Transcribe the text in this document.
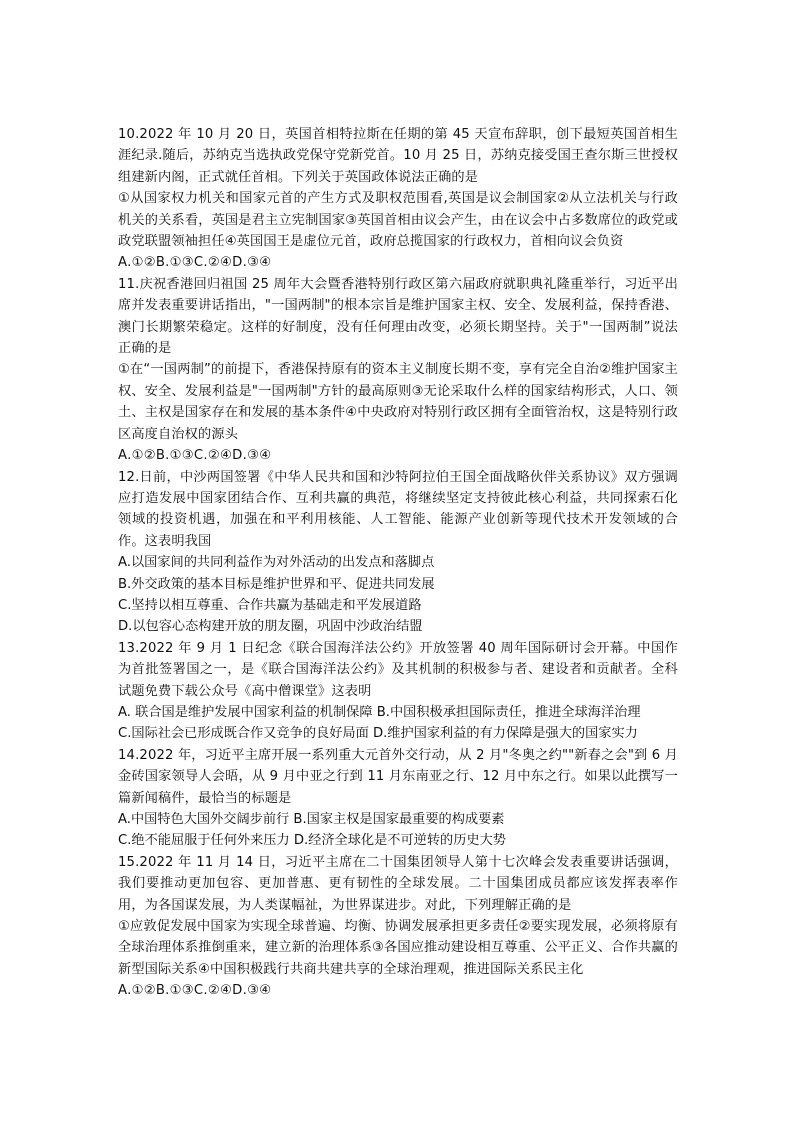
10.2022 年 10 月 20 日，英国首相特拉斯在任期的第 45 天宣布辞职，创下最短英国首相生涯纪录.随后，苏纳克当选执政党保守党新党首。10 月 25 日，苏纳克接受国王查尔斯三世授权组建新内阁，正式就任首相。下列关于英国政体说法正确的是

①从国家权力机关和国家元首的产生方式及职权范围看,英国是议会制国家②从立法机关与行政机关的关系看，英国是君主立宪制国家③英国首相由议会产生，由在议会中占多数席位的政党或政党联盟领袖担任④英国国王是虚位元首，政府总揽国家的行政权力，首相向议会负资

A.①②B.①③C.②④D.③④

11.庆祝香港回归祖国 25 周年大会暨香港特别行政区第六届政府就职典礼隆重举行，习近平出席并发表重要讲话指出，"一国两制"的根本宗旨是维护国家主权、安全、发展利益，保持香港、澳门长期繁荣稳定。这样的好制度，没有任何理由改变，必须长期坚持。关于"一国两制”说法正确的是

①在“一国两制”的前提下，香港保持原有的资本主义制度长期不变，享有完全自治②维护国家主权、安全、发展利益是"一国两制"方针的最高原则③无论采取什么样的国家结构形式，人口、领土、主权是国家存在和发展的基本条件④中央政府对特别行政区拥有全面管治权，这是特别行政区高度自治权的源头

A.①②B.①③C.②④D.③④

12.日前，中沙两国签署《中华人民共和国和沙特阿拉伯王国全面战略伙伴关系协议》双方强调应打造发展中国家团结合作、互利共赢的典范，将继续坚定支持彼此核心利益，共同探索石化领域的投资机遇，加强在和平利用核能、人工智能、能源产业创新等现代技术开发领域的合作。这表明我国

A.以国家间的共同利益作为对外活动的出发点和落脚点
B.外交政策的基本目标是维护世界和平、促进共同发展
C.坚持以相互尊重、合作共赢为基础走和平发展道路
D.以包容心态构建开放的朋友圈，巩固中沙政治结盟

13.2022 年 9 月 1 日纪念《联合国海洋法公约》开放签署 40 周年国际研讨会开幕。中国作为首批签署国之一，是《联合国海洋法公约》及其机制的积极参与者、建设者和贡献者。全科试题免费下载公众号《高中僧课堂》这表明

A. 联合国是维护发展中国家利益的机制保障 B.中国积极承担国际责任，推进全球海洋治理
C.国际社会已形成既合作又竞争的良好局面 D.维护国家利益的有力保障是强大的国家实力

14.2022 年，习近平主席开展一系列重大元首外交行动，从 2 月"冬奥之约""新春之会"到 6 月金砖国家领导人会晤，从 9 月中亚之行到 11 月东南亚之行、12 月中东之行。如果以此撰写一篇新闻稿件，最恰当的标题是

A.中国特色大国外交阔步前行 B.国家主权是国家最重要的构成要素
C.绝不能屈服于任何外来压力 D.经济全球化是不可逆转的历史大势

15.2022 年 11 月 14 日，习近平主席在二十国集团领导人第十七次峰会发表重要讲话强调，我们要推动更加包容、更加普惠、更有韧性的全球发展。二十国集团成员都应该发挥表率作用，为各国谋发展，为人类谋幅祉，为世界谋进步。对此，下列理解正确的是

①应敦促发展中国家为实现全球普遍、均衡、协调发展承担更多责任②要实现发展，必须将原有全球治理体系推倒重来，建立新的治理体系③各国应推动建设相互尊重、公平正义、合作共赢的新型国际关系④中国积极践行共商共建共享的全球治理观，推进国际关系民主化

A.①②B.①③C.②④D.③④
